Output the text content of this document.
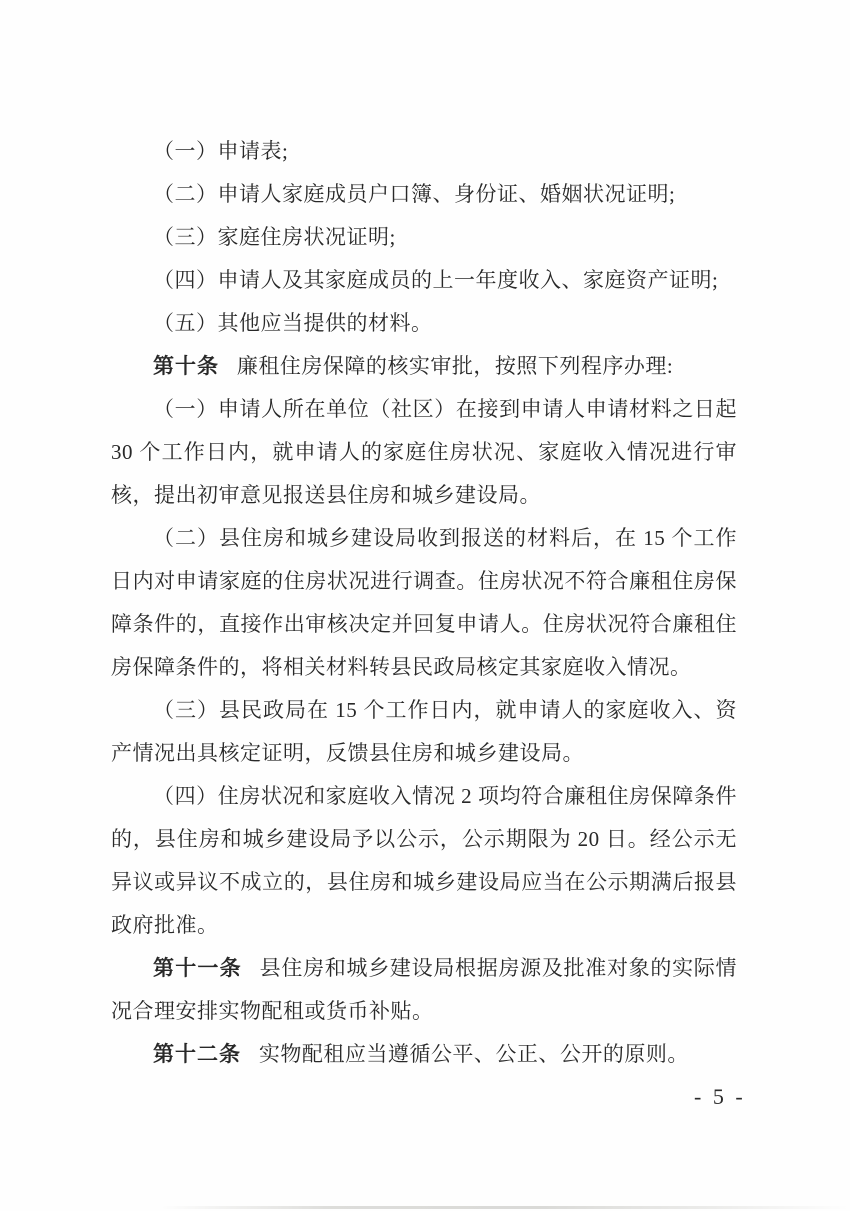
（一）申请表;

（二）申请人家庭成员户口簿、身份证、婚姻状况证明;

（三）家庭住房状况证明;

（四）申请人及其家庭成员的上一年度收入、家庭资产证明;

（五）其他应当提供的材料。

第十条 廉租住房保障的核实审批，按照下列程序办理:

（一）申请人所在单位（社区）在接到申请人申请材料之日起 30 个工作日内，就申请人的家庭住房状况、家庭收入情况进行审核，提出初审意见报送县住房和城乡建设局。

（二）县住房和城乡建设局收到报送的材料后，在 15 个工作日内对申请家庭的住房状况进行调查。住房状况不符合廉租住房保障条件的，直接作出审核决定并回复申请人。住房状况符合廉租住房保障条件的，将相关材料转县民政局核定其家庭收入情况。

（三）县民政局在 15 个工作日内，就申请人的家庭收入、资产情况出具核定证明，反馈县住房和城乡建设局。

（四）住房状况和家庭收入情况 2 项均符合廉租住房保障条件的，县住房和城乡建设局予以公示，公示期限为 20 日。经公示无异议或异议不成立的，县住房和城乡建设局应当在公示期满后报县政府批准。

第十一条 县住房和城乡建设局根据房源及批准对象的实际情况合理安排实物配租或货币补贴。

第十二条 实物配租应当遵循公平、公正、公开的原则。

- 5 -
